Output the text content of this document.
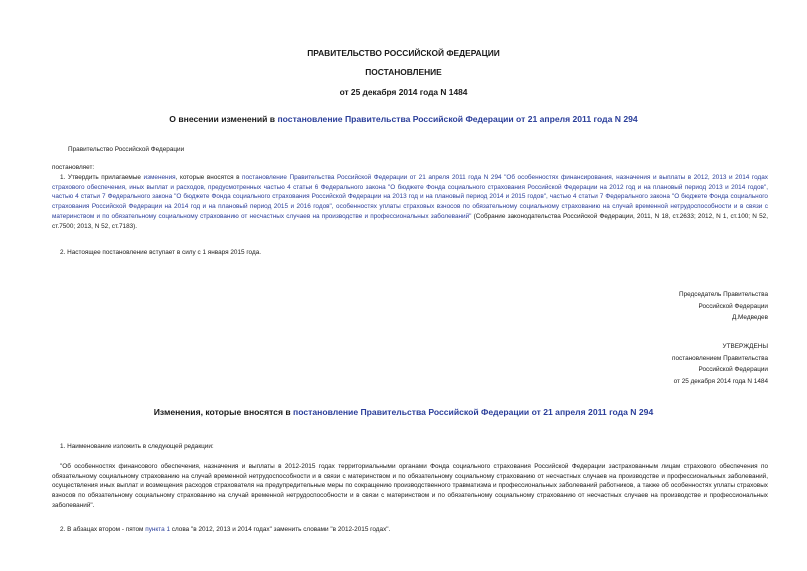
ПРАВИТЕЛЬСТВО РОССИЙСКОЙ ФЕДЕРАЦИИ
ПОСТАНОВЛЕНИЕ
от 25 декабря 2014 года N 1484
О внесении изменений в постановление Правительства Российской Федерации от 21 апреля 2011 года N 294
Правительство Российской Федерации
постановляет:
1. Утвердить прилагаемые изменения, которые вносятся в постановление Правительства Российской Федерации от 21 апреля 2011 года N 294 "Об особенностях финансирования, назначения и выплаты в 2012, 2013 и 2014 годах страхового обеспечения, иных выплат и расходов, предусмотренных частью 4 статьи 6 Федерального закона "О бюджете Фонда социального страхования Российской Федерации на 2012 год и на плановый период 2013 и 2014 годов", частью 4 статьи 7 Федерального закона "О бюджете Фонда социального страхования Российской Федерации на 2013 год и на плановый период 2014 и 2015 годов", частью 4 статьи 7 Федерального закона "О бюджете Фонда социального страхования Российской Федерации на 2014 год и на плановый период 2015 и 2016 годов", особенностях уплаты страховых взносов по обязательному социальному страхованию на случай временной нетрудоспособности и в связи с материнством и по обязательному социальному страхованию от несчастных случаев на производстве и профессиональных заболеваний" (Собрание законодательства Российской Федерации, 2011, N 18, ст.2633; 2012, N 1, ст.100; N 52, ст.7500; 2013, N 52, ст.7183).
2. Настоящее постановление вступает в силу с 1 января 2015 года.
Председатель Правительства
Российской Федерации
Д.Медведев
УТВЕРЖДЕНЫ
постановлением Правительства
Российской Федерации
от 25 декабря 2014 года N 1484
Изменения, которые вносятся в постановление Правительства Российской Федерации от 21 апреля 2011 года N 294
1. Наименование изложить в следующей редакции:
"Об особенностях финансового обеспечения, назначения и выплаты в 2012-2015 годах территориальными органами Фонда социального страхования Российской Федерации застрахованным лицам страхового обеспечения по обязательному социальному страхованию на случай временной нетрудоспособности и в связи с материнством и по обязательному социальному страхованию от несчастных случаев на производстве и профессиональных заболеваний, осуществления иных выплат и возмещения расходов страхователя на предупредительные меры по сокращению производственного травматизма и профессиональных заболеваний работников, а также об особенностях уплаты страховых взносов по обязательному социальному страхованию на случай временной нетрудоспособности и в связи с материнством и по обязательному социальному страхованию от несчастных случаев на производстве и профессиональных заболеваний".
2. В абзацах втором - пятом пункта 1 слова "в 2012, 2013 и 2014 годах" заменить словами "в 2012-2015 годах".
